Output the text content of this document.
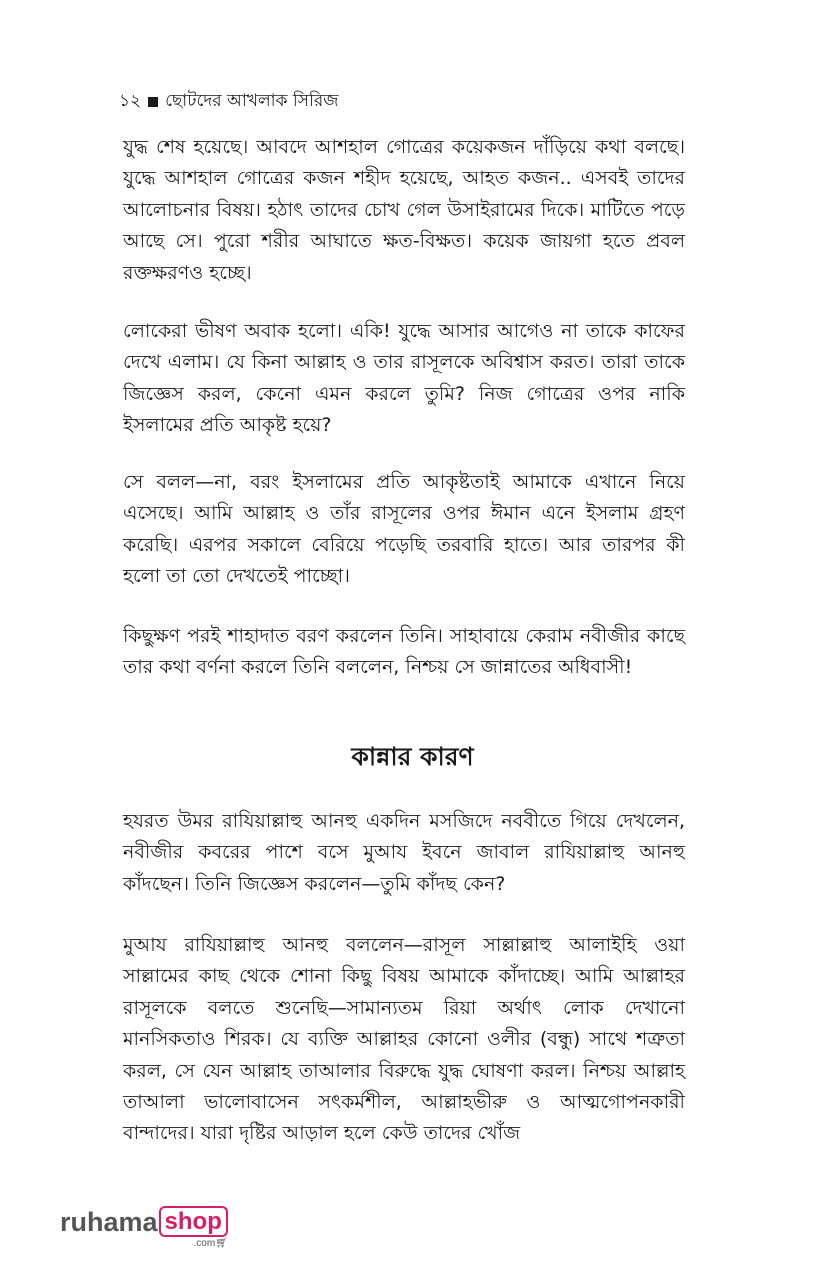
১২ ছোটদের আখলাক সিরিজ

যুদ্ধ শেষ হয়েছে। আবদে আশহাল গোত্রের কয়েকজন দাঁড়িয়ে কথা বলছে। যুদ্ধে আশহাল গোত্রের কজন শহীদ হয়েছে, আহত কজন.. এসবই তাদের আলোচনার বিষয়। হঠাৎ তাদের চোখ গেল উসাইরামের দিকে। মাটিতে পড়ে আছে সে। পুরো শরীর আঘাতে ক্ষত-বিক্ষত। কয়েক জায়গা হতে প্রবল রক্তক্ষরণও হচ্ছে।

লোকেরা ভীষণ অবাক হলো। একি! যুদ্ধে আসার আগেও না তাকে কাফের দেখে এলাম। যে কিনা আল্লাহ ও তার রাসূলকে অবিশ্বাস করত। তারা তাকে জিজ্ঞেস করল, কেনো এমন করলে তুমি? নিজ গোত্রের ওপর নাকি ইসলামের প্রতি আকৃষ্ট হয়ে?

সে বলল—না, বরং ইসলামের প্রতি আকৃষ্টতাই আমাকে এখানে নিয়ে এসেছে। আমি আল্লাহ ও তাঁর রাসূলের ওপর ঈমান এনে ইসলাম গ্রহণ করেছি। এরপর সকালে বেরিয়ে পড়েছি তরবারি হাতে। আর তারপর কী হলো তা তো দেখতেই পাচ্ছো।

কিছুক্ষণ পরই শাহাদাত বরণ করলেন তিনি। সাহাবায়ে কেরাম নবীজীর কাছে তার কথা বর্ণনা করলে তিনি বললেন, নিশ্চয় সে জান্নাতের অধিবাসী!

কান্নার কারণ

হযরত উমর রাযিয়াল্লাহু আনহু একদিন মসজিদে নববীতে গিয়ে দেখলেন, নবীজীর কবরের পাশে বসে মুআয ইবনে জাবাল রাযিয়াল্লাহু আনহু কাঁদছেন। তিনি জিজ্ঞেস করলেন—তুমি কাঁদছ কেন?

মুআয রাযিয়াল্লাহু আনহু বললেন—রাসূল সাল্লাল্লাহু আলাইহি ওয়া সাল্লামের কাছ থেকে শোনা কিছু বিষয় আমাকে কাঁদাচ্ছে। আমি আল্লাহর রাসূলকে বলতে শুনেছি—সামান্যতম রিয়া অর্থাৎ লোক দেখানো মানসিকতাও শিরক। যে ব্যক্তি আল্লাহর কোনো ওলীর (বন্ধু) সাথে শত্রুতা করল, সে যেন আল্লাহ তাআলার বিরুদ্ধে যুদ্ধ ঘোষণা করল। নিশ্চয় আল্লাহ তাআলা ভালোবাসেন সৎকর্মশীল, আল্লাহভীরু ও আত্মগোপনকারী বান্দাদের। যারা দৃষ্টির আড়াল হলে কেউ তাদের খোঁজ

ruhama shop
.com🛒︎
